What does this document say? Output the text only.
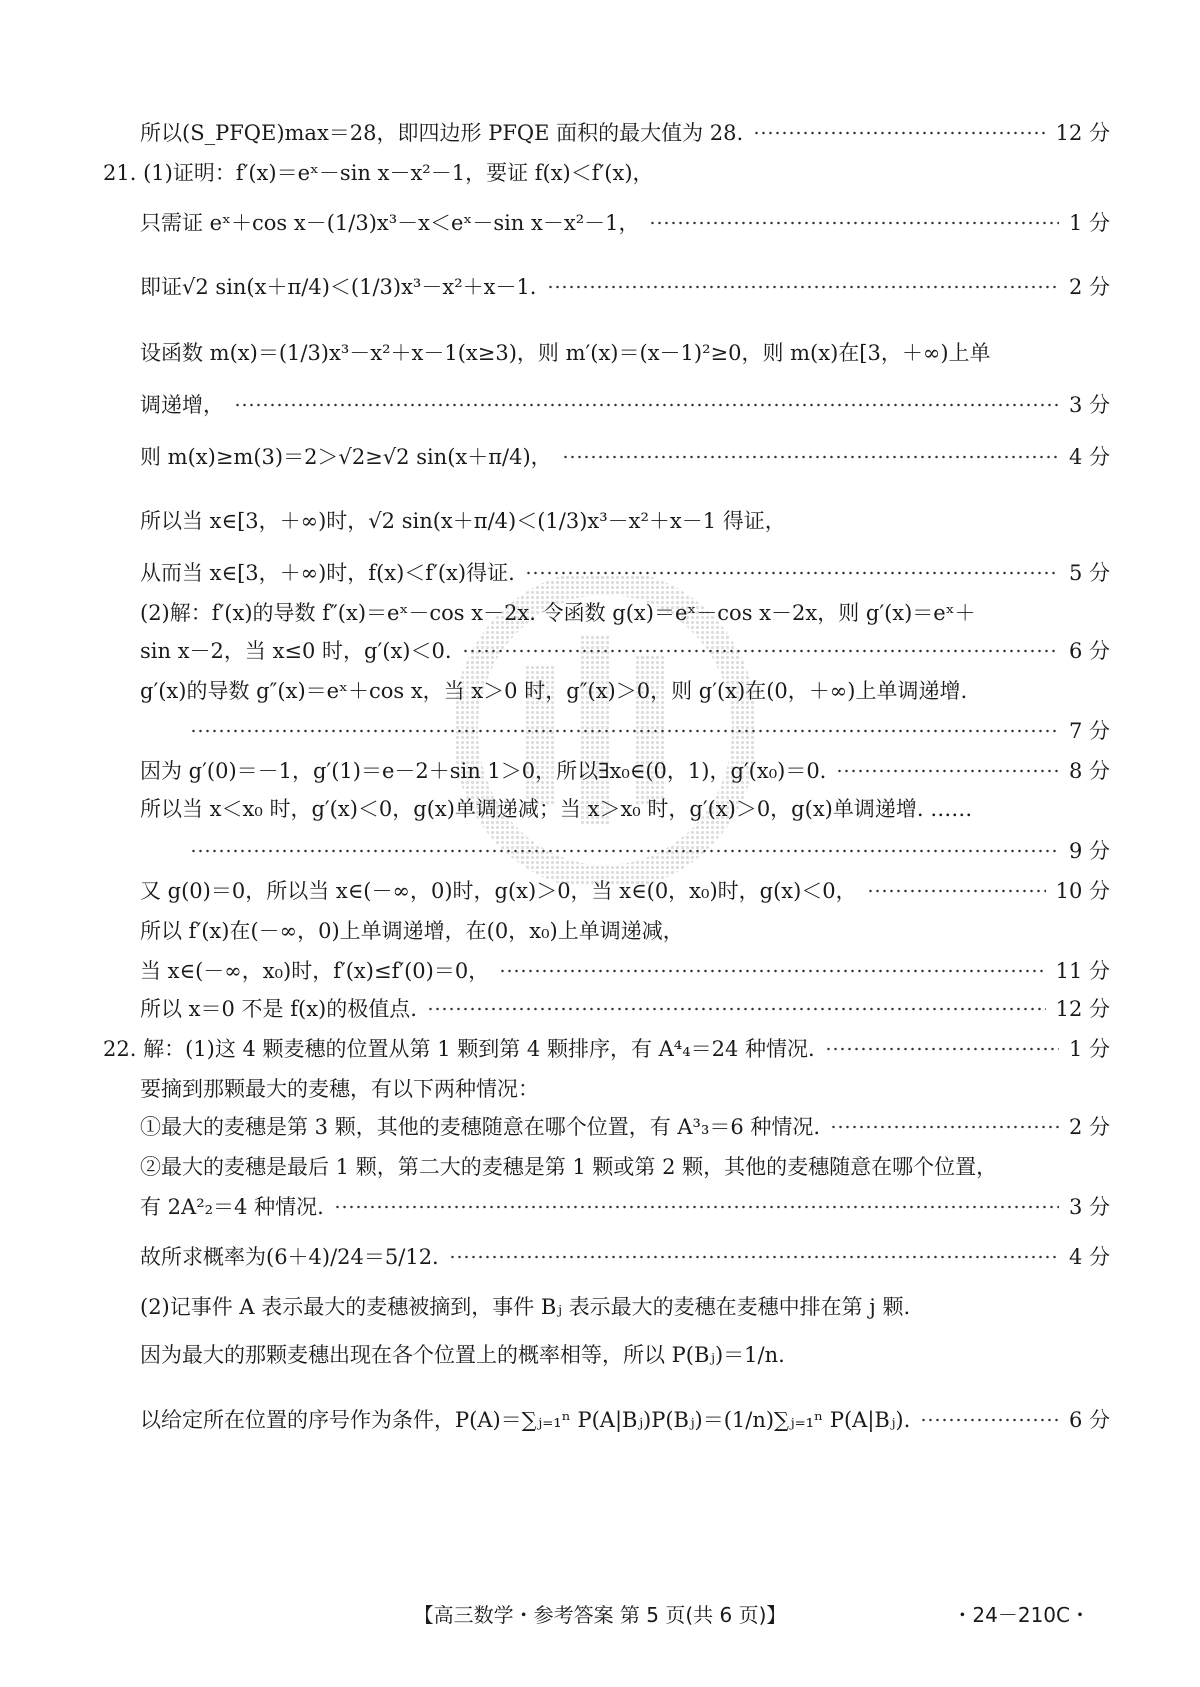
所以(S_PFQE)max＝28，即四边形 PFQE 面积的最大值为 28.	12 分
21. (1)证明：f′(x)＝eˣ－sin x－x²－1，要证 f(x)＜f′(x)，
只需证 eˣ＋cos x－(1/3)x³－x＜eˣ－sin x－x²－1，	1 分
即证√2 sin(x＋π/4)＜(1/3)x³－x²＋x－1.	2 分
设函数 m(x)＝(1/3)x³－x²＋x－1(x≥3)，则 m′(x)＝(x－1)²≥0，则 m(x)在[3，＋∞)上单
调递增，	3 分
则 m(x)≥m(3)＝2＞√2≥√2 sin(x＋π/4)，	4 分
所以当 x∈[3，＋∞)时，√2 sin(x＋π/4)＜(1/3)x³－x²＋x－1 得证，
从而当 x∈[3，＋∞)时，f(x)＜f′(x)得证.	5 分
(2)解：f′(x)的导数 f″(x)＝eˣ－cos x－2x. 令函数 g(x)＝eˣ－cos x－2x，则 g′(x)＝eˣ＋
sin x－2，当 x≤0 时，g′(x)＜0.	6 分
g′(x)的导数 g″(x)＝eˣ＋cos x，当 x＞0 时，g″(x)＞0，则 g′(x)在(0，＋∞)上单调递增.
7 分
因为 g′(0)＝－1，g′(1)＝e－2＋sin 1＞0，所以∃x₀∈(0，1)，g′(x₀)＝0.	8 分
所以当 x＜x₀ 时，g′(x)＜0，g(x)单调递减；当 x＞x₀ 时，g′(x)＞0，g(x)单调递增. ……
9 分
又 g(0)＝0，所以当 x∈(－∞，0)时，g(x)＞0，当 x∈(0，x₀)时，g(x)＜0，	10 分
所以 f′(x)在(－∞，0)上单调递增，在(0，x₀)上单调递减，
当 x∈(－∞，x₀)时，f′(x)≤f′(0)＝0，	11 分
所以 x＝0 不是 f(x)的极值点.	12 分
22. 解：(1)这 4 颗麦穗的位置从第 1 颗到第 4 颗排序，有 A⁴₄＝24 种情况.	1 分
要摘到那颗最大的麦穗，有以下两种情况：
①最大的麦穗是第 3 颗，其他的麦穗随意在哪个位置，有 A³₃＝6 种情况.	2 分
②最大的麦穗是最后 1 颗，第二大的麦穗是第 1 颗或第 2 颗，其他的麦穗随意在哪个位置，
有 2A²₂＝4 种情况.	3 分
故所求概率为(6＋4)/24＝5/12.	4 分
(2)记事件 A 表示最大的麦穗被摘到，事件 Bⱼ 表示最大的麦穗在麦穗中排在第 j 颗.
因为最大的那颗麦穗出现在各个位置上的概率相等，所以 P(Bⱼ)＝1/n.
以给定所在位置的序号作为条件，P(A)＝∑ⱼ₌₁ⁿ P(A|Bⱼ)P(Bⱼ)＝(1/n)∑ⱼ₌₁ⁿ P(A|Bⱼ).	6 分
【高三数学・参考答案 第 5 页(共 6 页)】	・24－210C・
